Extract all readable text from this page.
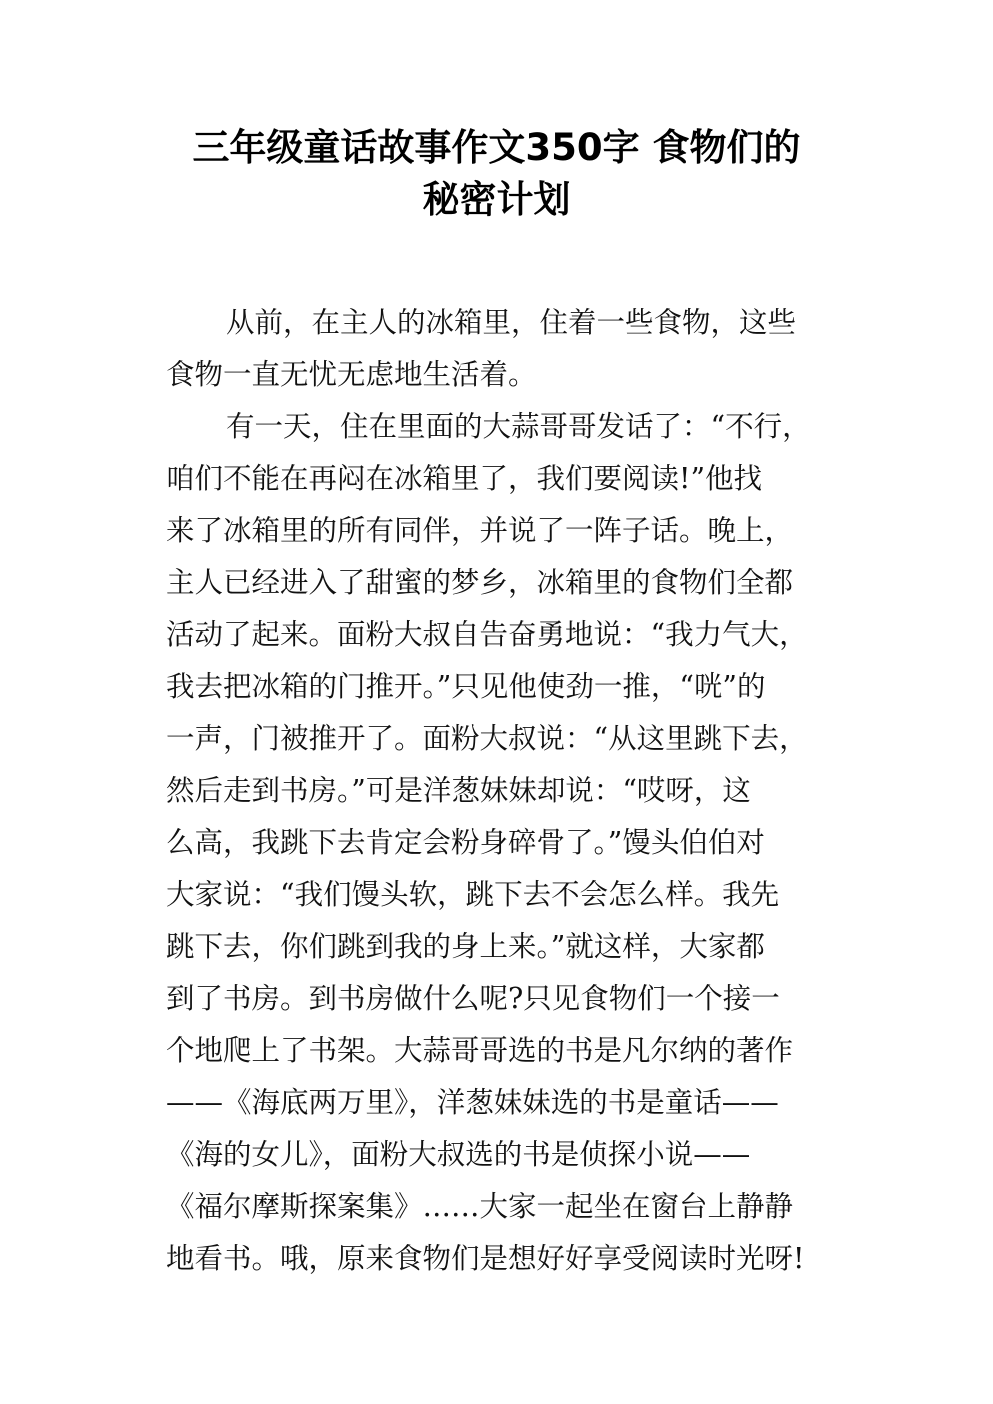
三年级童话故事作文350字 食物们的
秘密计划
从前，在主人的冰箱里，住着一些食物，这些
食物一直无忧无虑地生活着。
有一天，住在里面的大蒜哥哥发话了：“不行，
咱们不能在再闷在冰箱里了，我们要阅读!”他找
来了冰箱里的所有同伴，并说了一阵子话。晚上，
主人已经进入了甜蜜的梦乡，冰箱里的食物们全都
活动了起来。面粉大叔自告奋勇地说：“我力气大，
我去把冰箱的门推开。”只见他使劲一推，“咣”的
一声，门被推开了。面粉大叔说：“从这里跳下去，
然后走到书房。”可是洋葱妹妹却说：“哎呀，这
么高，我跳下去肯定会粉身碎骨了。”馒头伯伯对
大家说：“我们馒头软，跳下去不会怎么样。我先
跳下去，你们跳到我的身上来。”就这样，大家都
到了书房。到书房做什么呢?只见食物们一个接一
个地爬上了书架。大蒜哥哥选的书是凡尔纳的著作
——《海底两万里》，洋葱妹妹选的书是童话——
《海的女儿》，面粉大叔选的书是侦探小说——
《福尔摩斯探案集》……大家一起坐在窗台上静静
地看书。哦，原来食物们是想好好享受阅读时光呀!
